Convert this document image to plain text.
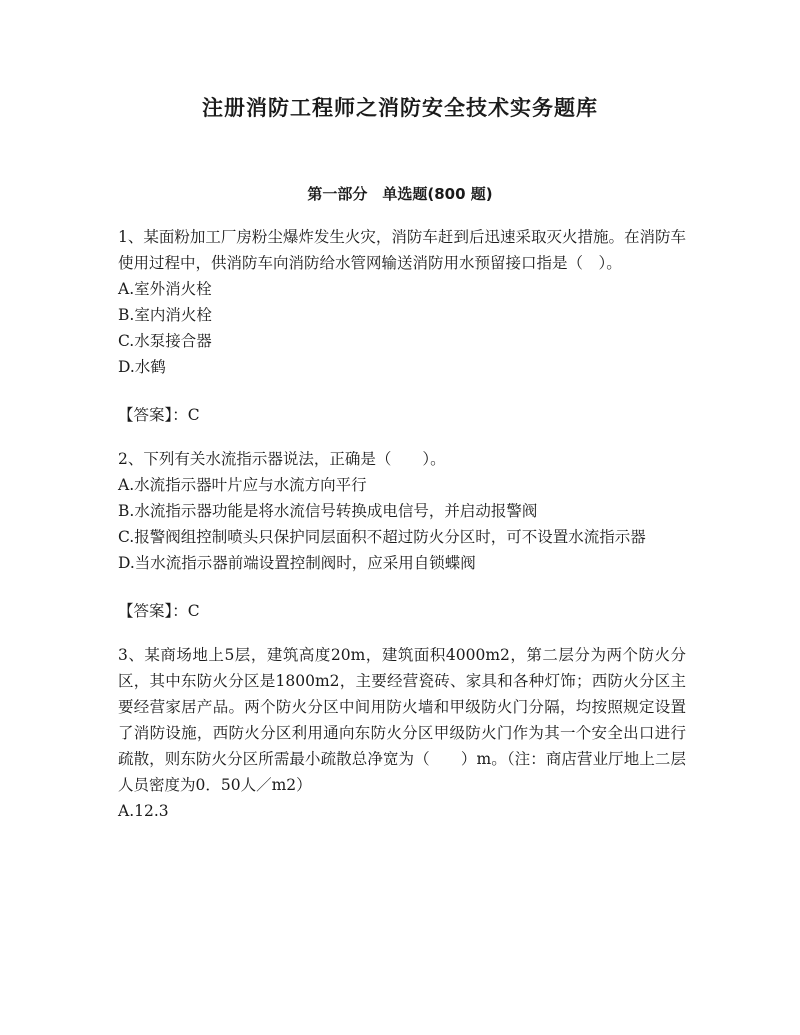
注册消防工程师之消防安全技术实务题库
第一部分　单选题(800 题)

1、某面粉加工厂房粉尘爆炸发生火灾，消防车赶到后迅速采取灭火措施。在消防车使用过程中，供消防车向消防给水管网输送消防用水预留接口指是（　）。

A.室外消火栓

B.室内消火栓

C.水泵接合器

D.水鹤

【答案】：C

2、下列有关水流指示器说法，正确是（　　）。

A.水流指示器叶片应与水流方向平行

B.水流指示器功能是将水流信号转换成电信号，并启动报警阀

C.报警阀组控制喷头只保护同层面积不超过防火分区时，可不设置水流指示器

D.当水流指示器前端设置控制阀时，应采用自锁蝶阀

【答案】：C

3、某商场地上5层，建筑高度20m，建筑面积4000m2，第二层分为两个防火分区，其中东防火分区是1800m2，主要经营瓷砖、家具和各种灯饰；西防火分区主要经营家居产品。两个防火分区中间用防火墙和甲级防火门分隔，均按照规定设置了消防设施，西防火分区利用通向东防火分区甲级防火门作为其一个安全出口进行疏散，则东防火分区所需最小疏散总净宽为（　　）m。（注：商店营业厅地上二层人员密度为0．50人／m2）

A.12.3
